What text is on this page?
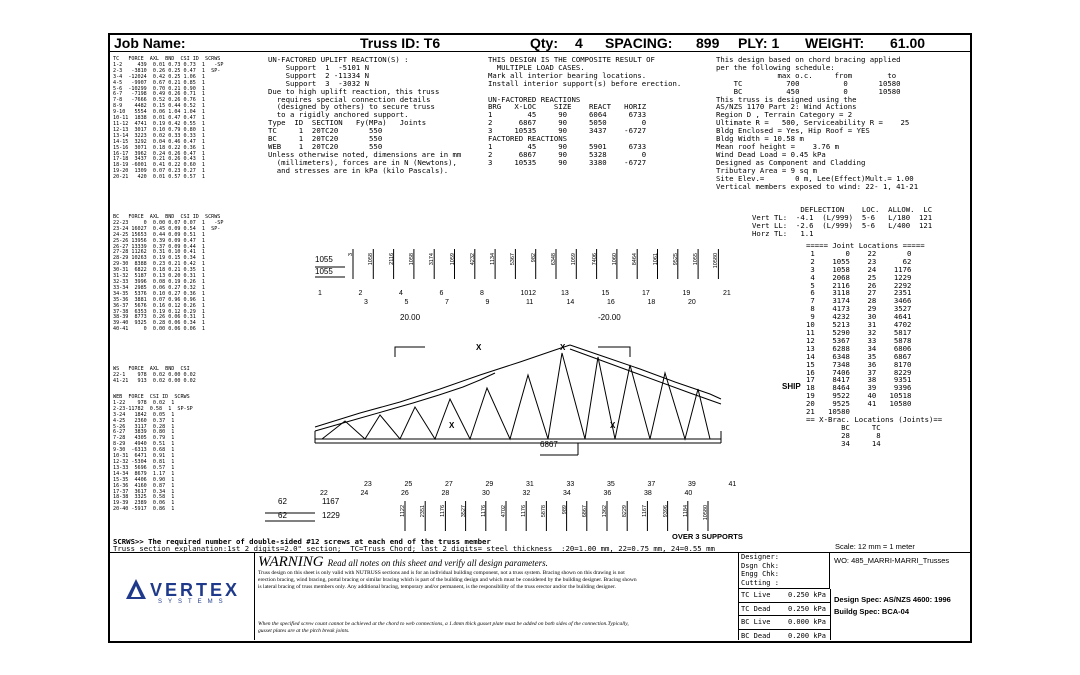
Job Name:	Truss ID: T6	Qty: 4 SPACING: 899 PLY: 1 WEIGHT: 61.00
TC   FORCE  AXL  BND  CSI ID  SCRWS
1-2     439  0.01 0.73 0.73  1   -SP
2-3   -3810  0.26 0.25 0.47  1  SP-
3-4  -12024  0.42 0.25 1.06  1
4-5   -9907  0.67 0.21 0.85  1
5-6  -10299  0.70 0.21 0.90  1
6-7   -7198  0.49 0.26 0.71  1
7-8   -7666  0.52 0.26 0.76  1
8-9    4482  0.15 0.44 0.52  1
9-10   5554  0.06 1.04 1.04  1
10-11  1838  0.01 0.47 0.47  1
11-12  4741  0.19 0.42 0.55  1
12-13  3017  0.10 0.79 0.80  1
13-14  3223  0.02 0.33 0.33  1
14-15  3292  0.04 0.46 0.47  1
15-16  3071  0.18 0.22 0.36  1
16-17  3962  0.24 0.26 0.47  1
17-18  3437  0.21 0.26 0.43  1
18-19 -6001  0.41 0.22 0.60  1
19-20  1309  0.07 0.23 0.27  1
20-21   420  0.01 0.57 0.57  1
BC   FORCE  AXL  BND  CSI ID  SCRWS
22-23     0  0.00 0.07 0.07  1   -SP
23-24 16027  0.45 0.09 0.54  1  SP-
24-25 15653  0.44 0.09 0.51  1
25-26 13956  0.39 0.09 0.47  1
26-27 13339  0.37 0.09 0.44  1
27-28 11262  0.31 0.10 0.41  1
28-29 10263  0.19 0.15 0.34  1
29-30  8388  0.23 0.21 0.42  1
30-31  6822  0.18 0.21 0.35  1
31-32  5187  0.13 0.20 0.31  1
32-33  3996  0.08 0.19 0.26  1
33-34  2985  0.06 0.27 0.32  1
34-35  5376  0.10 0.27 0.36  1
35-36  3881  0.07 0.96 0.96  1
36-37  5676  0.16 0.12 0.26  1
37-38  6353  0.19 0.12 0.29  1
38-39  8773  0.26 0.06 0.31  1
39-40  9325  0.28 0.06 0.34  1
40-41     0  0.00 0.06 0.06  1
WS   FORCE  AXL  BND  CSI
22-1    978  0.02 0.00 0.02
41-21   913  0.02 0.00 0.02
WEB  FORCE  CSI ID  SCRWS
1-22    978  0.02  1
2-23-11782  0.58  1  SP-SP
3-24   1842  0.05  1
4-25   2360  0.37  1
5-26   3117  0.28  1
6-27   3839  0.80  1
7-28   4305  0.79  1
8-29   4940  0.51  1
9-30  -6313  0.68  1
10-31  6471  0.91  1
12-32 -5304  0.81  1
13-33  5696  0.57  1
14-34  8679  1.17  1
15-35  4406  0.90  1
16-36  4160  0.87  1
17-37  3617  0.34  1
18-38  3325  0.58  1
19-39  2389  0.06  1
20-40 -5917  0.86  1
UN-FACTORED UPLIFT REACTION(S) :
Support  1  -5101 N
Support  2 -11334 N
Support  3  -3032 N
Due to high uplift reaction, this truss
requires special connection details
(designed by others) to secure truss
to a rigidly anchored support.
Type  ID  SECTION   Fy(MPa)   Joints
TC     1  20TC20       550
BC     1  20TC20       550
WEB    1  20TC20       550
Unless otherwise noted, dimensions are in mm
(millimeters), forces are in N (Newtons),
and stresses are in kPa (kilo Pascals).
THIS DESIGN IS THE COMPOSITE RESULT OF
MULTIPLE LOAD CASES.
Mark all interior bearing locations.
Install interior support(s) before erection.

UN-FACTORED REACTIONS
BRG   X-LOC    SIZE    REACT   HORIZ
1        45     90     6064     6733
2      6867     90     5050        0
3     10535     90     3437    -6727
FACTORED REACTIONS
1        45     90     5901     6733
2      6867     90     5328        0
3     10535     90     3380    -6727
This design based on chord bracing applied
per the following schedule:
max o.c.     from        to
TC          700          0       10580
BC          450          0       10580
This truss is designed using the
AS/NZS 1170 Part 2: Wind Actions
Region D , Terrain Category = 2
Ultimate R =   500, Serviceability R =    25
Bldg Enclosed = Yes, Hip Roof = YES
Bldg Width = 10.58 m
Mean roof height =    3.76 m
Wind Dead Load = 0.45 kPa
Designed as Component and Cladding
Tributary Area = 9 sq m
Site Elev.=       0 m, Lee(Effect)Mult.= 1.00
Vertical members exposed to wind: 22- 1, 41-21
DEFLECTION    LOC.  ALLOW.  LC
Vert TL:  -4.1  (L/999)  5-6   L/180  121
Vert LL:  -2.6  (L/999)  5-6   L/400  121
Horz TL:   1.1
===== Joint Locations =====
1       0    22       0
2    1055    23      62
3    1058    24    1176
4    2068    25    1229
5    2116    26    2292
6    3118    27    2351
7    3174    28    3466
8    4173    29    3527
9    4232    30    4641
10    5213    31    4702
11    5290    32    5817
12    5367    33    5878
13    6288    34    6806
14    6348    35    6867
15    7348    36    8170
16    7406    37    8229
17    8417    38    9351
18    8464    39    9396
19    9522    40   10518
20    9525    41   10580
21   10580
== X-Brac. Locations (Joints)==
BC     TC
28      8
34     14
3	1058	2116	1058	3174	1059	4232	1134	5367	982	6348	1059	7406	1060	8464	1061	9525	1055	10580
1122	2351	1176	3527	1176	4702	1176	5878	989	6867	1362	8229	1167	9396	1184	10580
1	2	4	6	8	1012	13	15	17	19	21
3	5	7	9	11	14	16	18	20
23	25	27	29	31	33	35	37	39	41
22	24	26	28	30	32	34	36	38	40
1055
1055
20.00	-20.00
X	X
X	X
6867
62
62
1167
1229
SHIP
OVER 3 SUPPORTS
Scale: 12 mm = 1 meter
SCRWS>> The required number of double-sided #12 screws at each end of the truss member
Truss section explanation:1st 2 digits=2.0" section;  TC=Truss Chord; last 2 digits= steel thickness  :20=1.00 mm, 22=0.75 mm, 24=0.55 mm
VERTEX
SYSTEMS
WARNING Read all notes on this sheet and verify all design parameters.
Truss design on this sheet is only valid with NUTRUSS sections and is for an individual building component, not a truss system. Bracing shown on this drawing is not erection bracing, wind bracing, portal bracing or similar bracing which is part of the building design and which must be considered by the building designer. Bracing shown is lateral bracing of truss members only. Any additional bracing, temporary and/or permanent, is the responsibility of the truss erector and/or the building designer.
When the specified screw count cannot be achieved at the chord to web connections, a 1.4mm thick gusset plate must be added on both sides of the connection.Typically, gusset plates are at the pitch break joints.
Designer:
Dsgn Chk:
Engg Chk:
Cutting :
WO: 485_MARRI-MARRI_Trusses
TC Live 0.250 kPa
TC Dead 0.250 kPa
BC Live 0.000 kPa
BC Dead 0.200 kPa
Design Spec: AS/NZS 4600: 1996
Buildg Spec: BCA-04
